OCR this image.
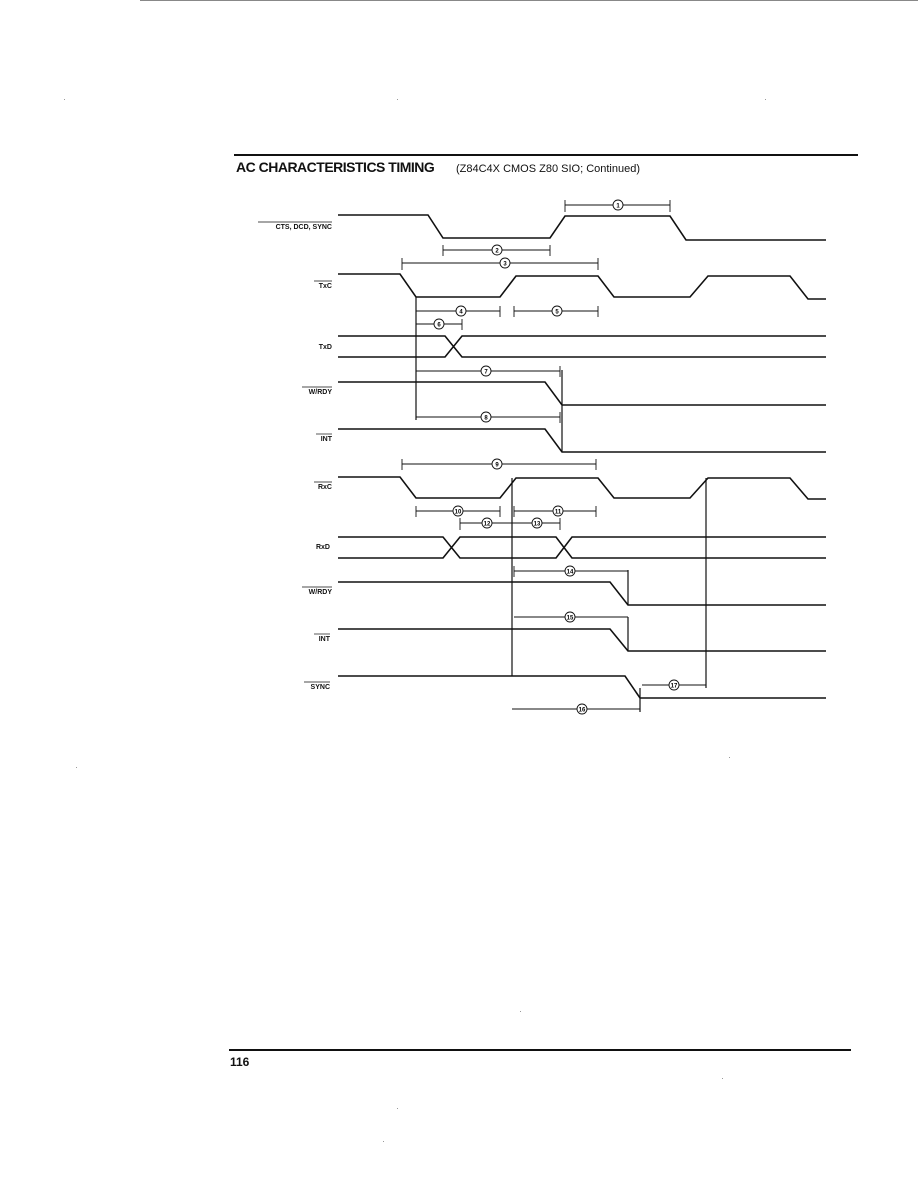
AC CHARACTERISTICS TIMING (Z84C4X CMOS Z80 SIO; Continued)
1
2
3
4	5
6
7
8
9
10	11
12	13
14
15
16
17
CTS, DCD, SYNC
TxC
TxD
W/RDY
INT
RxC
RxD
W/RDY
INT
SYNC
116
